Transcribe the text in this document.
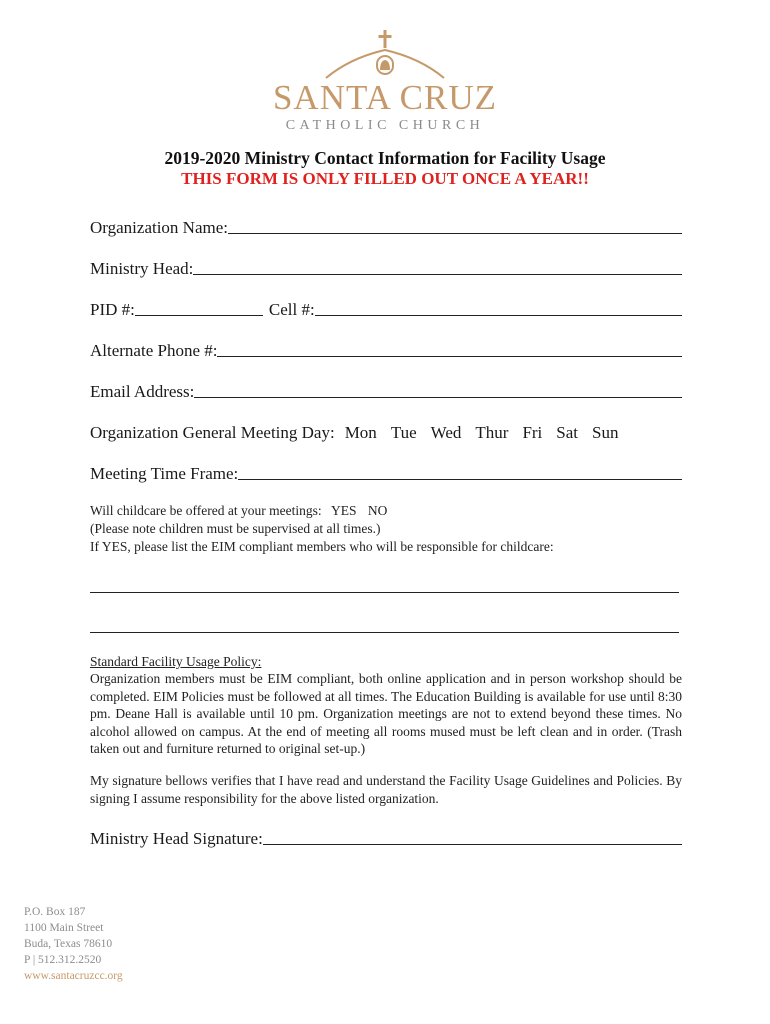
SANTA CRUZ
CATHOLIC CHURCH
2019-2020 Ministry Contact Information for Facility Usage
THIS FORM IS ONLY FILLED OUT ONCE A YEAR!!
Organization Name:
Ministry Head:
PID #:	Cell #:
Alternate Phone #:
Email Address:
Organization General Meeting Day: Mon Tue Wed Thur Fri Sat Sun
Meeting Time Frame:
Will childcare be offered at your meetings: YES NO
(Please note children must be supervised at all times.)
If YES, please list the EIM compliant members who will be responsible for childcare:
Standard Facility Usage Policy:
Organization members must be EIM compliant, both online application and in person workshop should be completed. EIM Policies must be followed at all times. The Education Building is available for use until 8:30 pm. Deane Hall is available until 10 pm. Organization meetings are not to extend beyond these times. No alcohol allowed on campus. At the end of meeting all rooms mused must be left clean and in order. (Trash taken out and furniture returned to original set-up.)
My signature bellows verifies that I have read and understand the Facility Usage Guidelines and Policies. By signing I assume responsibility for the above listed organization.
Ministry Head Signature:
P.O. Box 187
1100 Main Street
Buda, Texas 78610
P | 512.312.2520
www.santacruzcc.org
